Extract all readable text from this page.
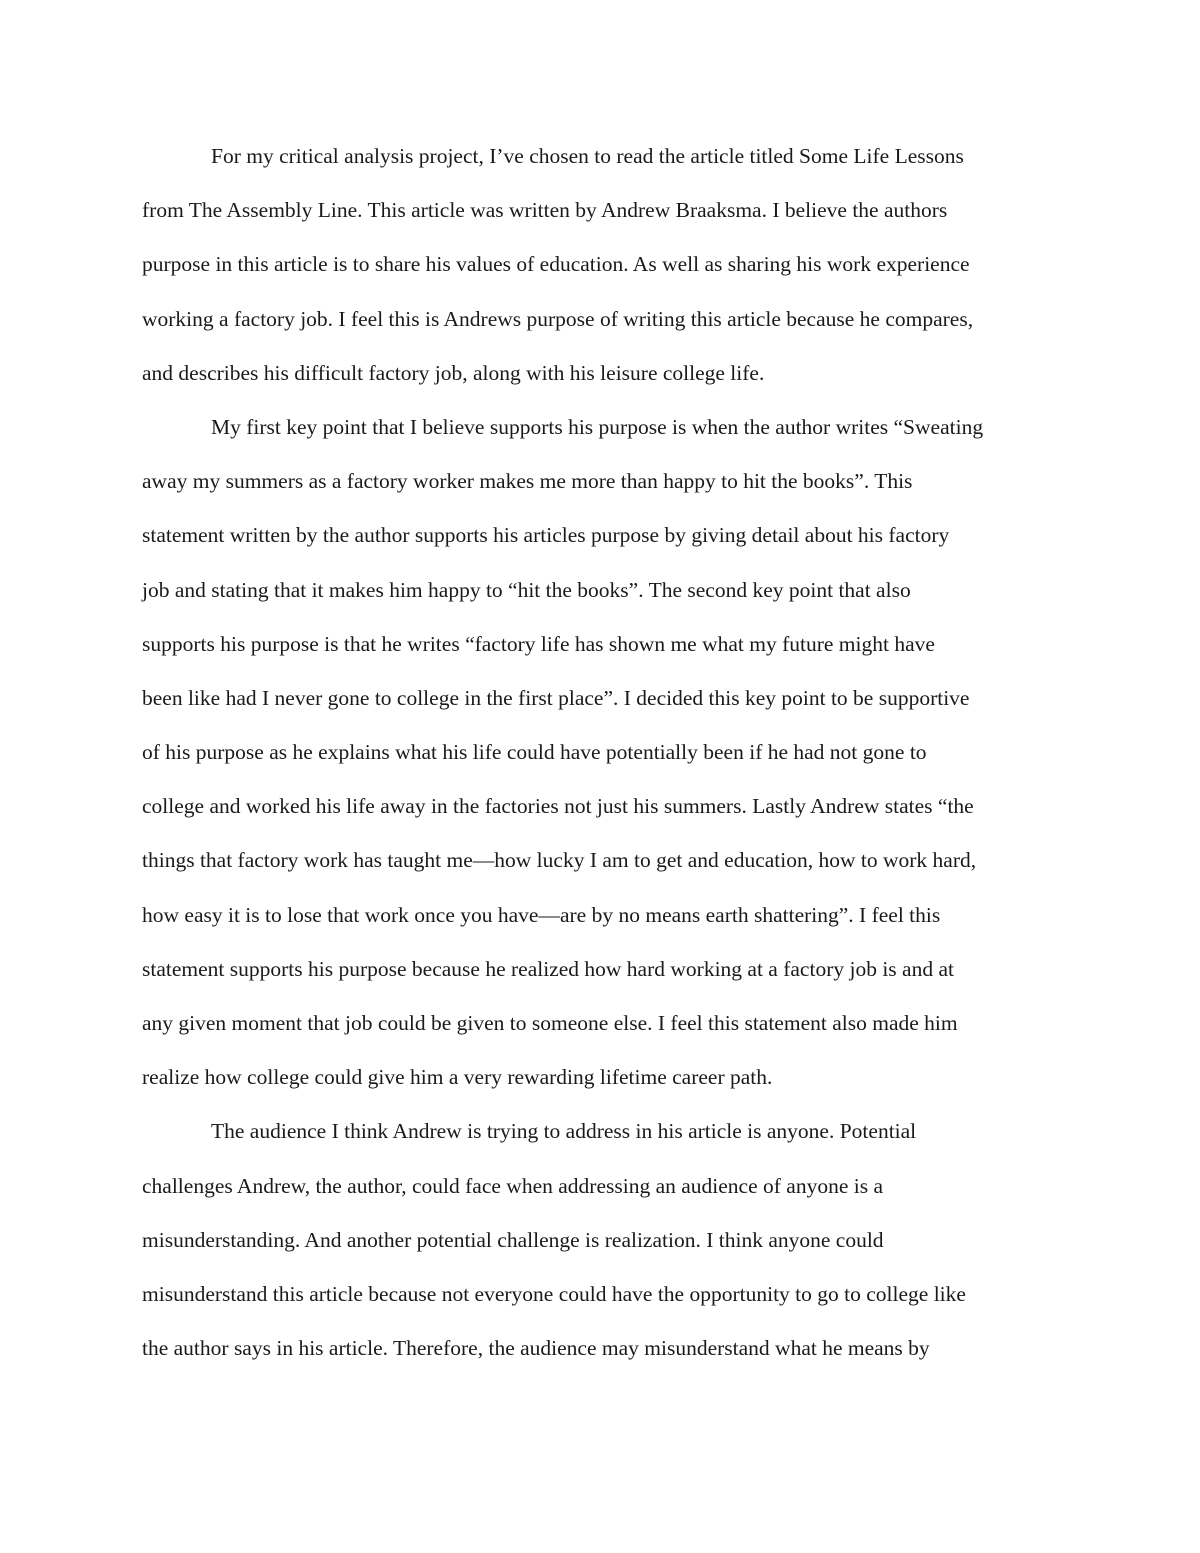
For my critical analysis project, I’ve chosen to read the article titled Some Life Lessons
from The Assembly Line. This article was written by Andrew Braaksma. I believe the authors
purpose in this article is to share his values of education. As well as sharing his work experience
working a factory job. I feel this is Andrews purpose of writing this article because he compares,
and describes his difficult factory job, along with his leisure college life.
My first key point that I believe supports his purpose is when the author writes “Sweating
away my summers as a factory worker makes me more than happy to hit the books”. This
statement written by the author supports his articles purpose by giving detail about his factory
job and stating that it makes him happy to “hit the books”. The second key point that also
supports his purpose is that he writes “factory life has shown me what my future might have
been like had I never gone to college in the first place”. I decided this key point to be supportive
of his purpose as he explains what his life could have potentially been if he had not gone to
college and worked his life away in the factories not just his summers. Lastly Andrew states “the
things that factory work has taught me—how lucky I am to get and education, how to work hard,
how easy it is to lose that work once you have—are by no means earth shattering”. I feel this
statement supports his purpose because he realized how hard working at a factory job is and at
any given moment that job could be given to someone else. I feel this statement also made him
realize how college could give him a very rewarding lifetime career path.
The audience I think Andrew is trying to address in his article is anyone. Potential
challenges Andrew, the author, could face when addressing an audience of anyone is a
misunderstanding. And another potential challenge is realization. I think anyone could
misunderstand this article because not everyone could have the opportunity to go to college like
the author says in his article. Therefore, the audience may misunderstand what he means by
